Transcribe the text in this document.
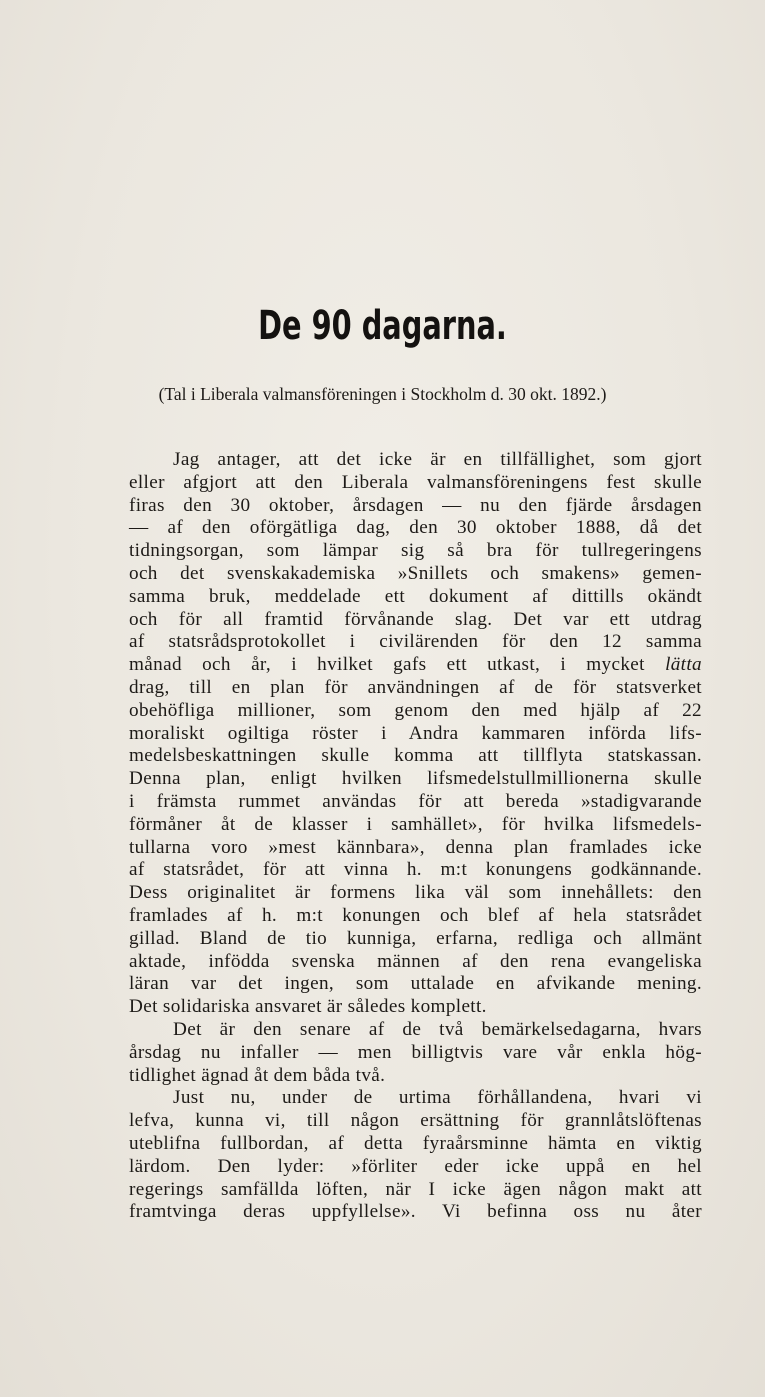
De 90 dagarna.
(Tal i Liberala valmansföreningen i Stockholm d. 30 okt. 1892.)
Jag antager, att det icke är en tillfällighet, som gjort
eller afgjort att den Liberala valmansföreningens fest skulle
firas den 30 oktober, årsdagen — nu den fjärde årsdagen
— af den oförgätliga dag, den 30 oktober 1888, då det
tidningsorgan, som lämpar sig så bra för tullregeringens
och det svenskakademiska »Snillets och smakens» gemen-
samma bruk, meddelade ett dokument af dittills okändt
och för all framtid förvånande slag. Det var ett utdrag
af statsrådsprotokollet i civilärenden för den 12 samma
månad och år, i hvilket gafs ett utkast, i mycket lätta
drag, till en plan för användningen af de för statsverket
obehöfliga millioner, som genom den med hjälp af 22
moraliskt ogiltiga röster i Andra kammaren införda lifs-
medelsbeskattningen skulle komma att tillflyta statskassan.
Denna plan, enligt hvilken lifsmedelstullmillionerna skulle
i främsta rummet användas för att bereda »stadigvarande
förmåner åt de klasser i samhället», för hvilka lifsmedels-
tullarna voro »mest kännbara», denna plan framlades icke
af statsrådet, för att vinna h. m:t konungens godkännande.
Dess originalitet är formens lika väl som innehållets: den
framlades af h. m:t konungen och blef af hela statsrådet
gillad. Bland de tio kunniga, erfarna, redliga och allmänt
aktade, infödda svenska männen af den rena evangeliska
läran var det ingen, som uttalade en afvikande mening.
Det solidariska ansvaret är således komplett.
Det är den senare af de två bemärkelsedagarna, hvars
årsdag nu infaller — men billigtvis vare vår enkla hög-
tidlighet ägnad åt dem båda två.
Just nu, under de urtima förhållandena, hvari vi
lefva, kunna vi, till någon ersättning för grannlåtslöftenas
uteblifna fullbordan, af detta fyraårsminne hämta en viktig
lärdom. Den lyder: »förliter eder icke uppå en hel
regerings samfällda löften, när I icke ägen någon makt att
framtvinga deras uppfyllelse». Vi befinna oss nu åter
